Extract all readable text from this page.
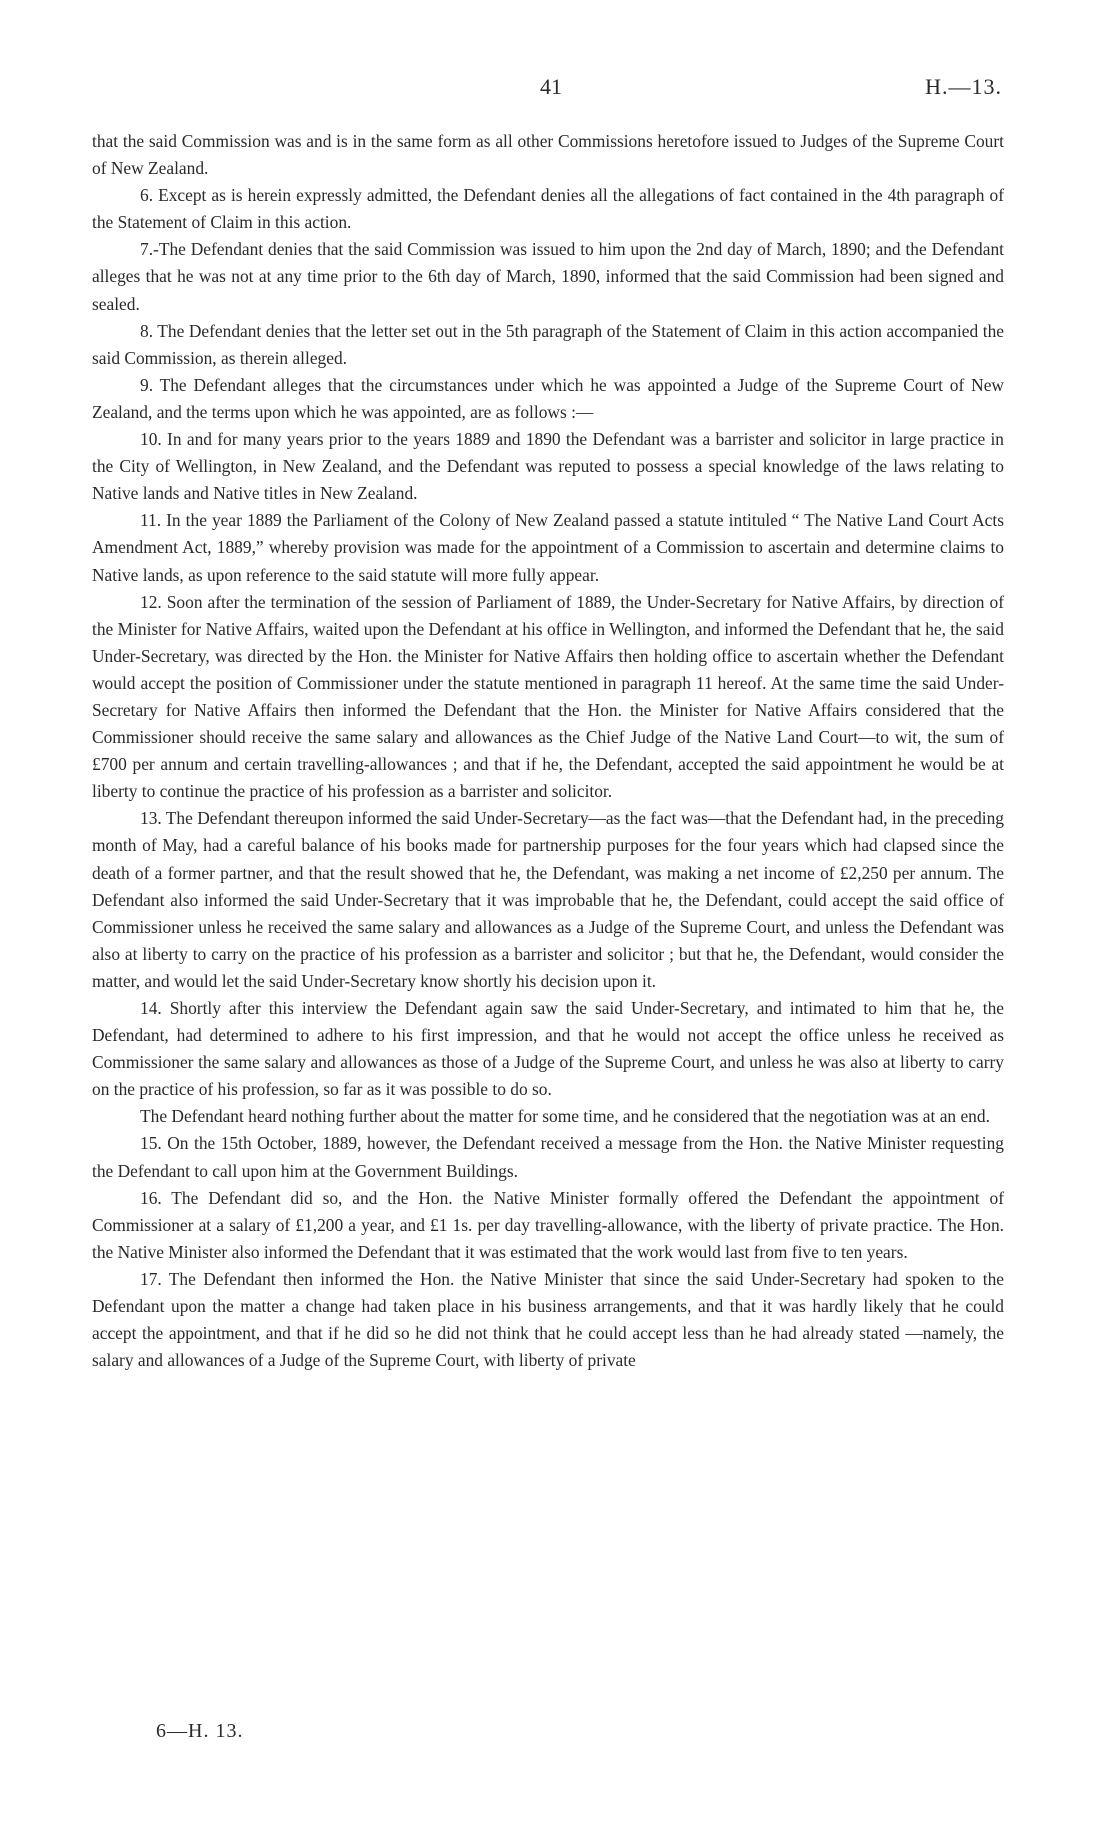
41	H.—13.

that the said Commission was and is in the same form as all other Commissions heretofore issued to Judges of the Supreme Court of New Zealand.

6. Except as is herein expressly admitted, the Defendant denies all the allegations of fact contained in the 4th paragraph of the Statement of Claim in this action.

7.-The Defendant denies that the said Commission was issued to him upon the 2nd day of March, 1890; and the Defendant alleges that he was not at any time prior to the 6th day of March, 1890, informed that the said Commission had been signed and sealed.

8. The Defendant denies that the letter set out in the 5th paragraph of the Statement of Claim in this action accompanied the said Commission, as therein alleged.

9. The Defendant alleges that the circumstances under which he was appointed a Judge of the Supreme Court of New Zealand, and the terms upon which he was appointed, are as follows :—

10. In and for many years prior to the years 1889 and 1890 the Defendant was a barrister and solicitor in large practice in the City of Wellington, in New Zealand, and the Defendant was reputed to possess a special knowledge of the laws relating to Native lands and Native titles in New Zealand.

11. In the year 1889 the Parliament of the Colony of New Zealand passed a statute intituled “ The Native Land Court Acts Amendment Act, 1889,” whereby provision was made for the appointment of a Commission to ascertain and determine claims to Native lands, as upon reference to the said statute will more fully appear.

12. Soon after the termination of the session of Parliament of 1889, the Under-Secretary for Native Affairs, by direction of the Minister for Native Affairs, waited upon the Defendant at his office in Wellington, and informed the Defendant that he, the said Under-Secretary, was directed by the Hon. the Minister for Native Affairs then holding office to ascertain whether the Defendant would accept the position of Commissioner under the statute mentioned in paragraph 11 hereof. At the same time the said Under-Secretary for Native Affairs then informed the Defendant that the Hon. the Minister for Native Affairs considered that the Commissioner should receive the same salary and allowances as the Chief Judge of the Native Land Court—to wit, the sum of £700 per annum and certain travelling-allowances ; and that if he, the Defendant, accepted the said appointment he would be at liberty to continue the practice of his profession as a barrister and solicitor.

13. The Defendant thereupon informed the said Under-Secretary—as the fact was—that the Defendant had, in the preceding month of May, had a careful balance of his books made for partnership purposes for the four years which had clapsed since the death of a former partner, and that the result showed that he, the Defendant, was making a net income of £2,250 per annum. The Defendant also informed the said Under-Secretary that it was improbable that he, the Defendant, could accept the said office of Commissioner unless he received the same salary and allowances as a Judge of the Supreme Court, and unless the Defendant was also at liberty to carry on the practice of his profession as a barrister and solicitor ; but that he, the Defendant, would consider the matter, and would let the said Under-Secretary know shortly his decision upon it.

14. Shortly after this interview the Defendant again saw the said Under-Secretary, and intimated to him that he, the Defendant, had determined to adhere to his first impression, and that he would not accept the office unless he received as Commissioner the same salary and allowances as those of a Judge of the Supreme Court, and unless he was also at liberty to carry on the practice of his profession, so far as it was possible to do so.

The Defendant heard nothing further about the matter for some time, and he considered that the negotiation was at an end.

15. On the 15th October, 1889, however, the Defendant received a message from the Hon. the Native Minister requesting the Defendant to call upon him at the Government Buildings.

16. The Defendant did so, and the Hon. the Native Minister formally offered the Defendant the appointment of Commissioner at a salary of £1,200 a year, and £1 1s. per day travelling-allowance, with the liberty of private practice. The Hon. the Native Minister also informed the Defendant that it was estimated that the work would last from five to ten years.

17. The Defendant then informed the Hon. the Native Minister that since the said Under-Secretary had spoken to the Defendant upon the matter a change had taken place in his business arrangements, and that it was hardly likely that he could accept the appointment, and that if he did so he did not think that he could accept less than he had already stated —namely, the salary and allowances of a Judge of the Supreme Court, with liberty of private

6—H. 13.
